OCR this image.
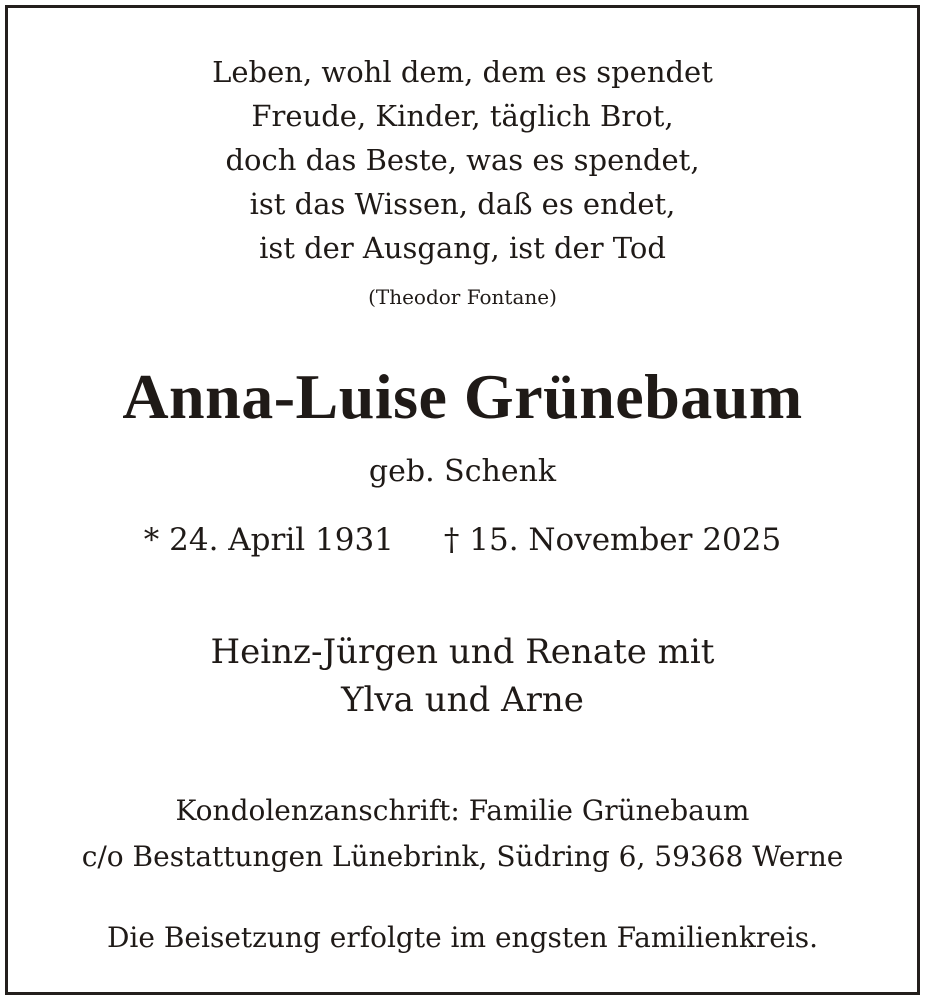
Leben, wohl dem, dem es spendet
Freude, Kinder, täglich Brot,
doch das Beste, was es spendet,
ist das Wissen, daß es endet,
ist der Ausgang, ist der Tod
(Theodor Fontane)
Anna-Luise Grünebaum
geb. Schenk
* 24. April 1931 † 15. November 2025
Heinz-Jürgen und Renate mit
Ylva und Arne
Kondolenzanschrift: Familie Grünebaum
c/o Bestattungen Lünebrink, Südring 6, 59368 Werne
Die Beisetzung erfolgte im engsten Familienkreis.
